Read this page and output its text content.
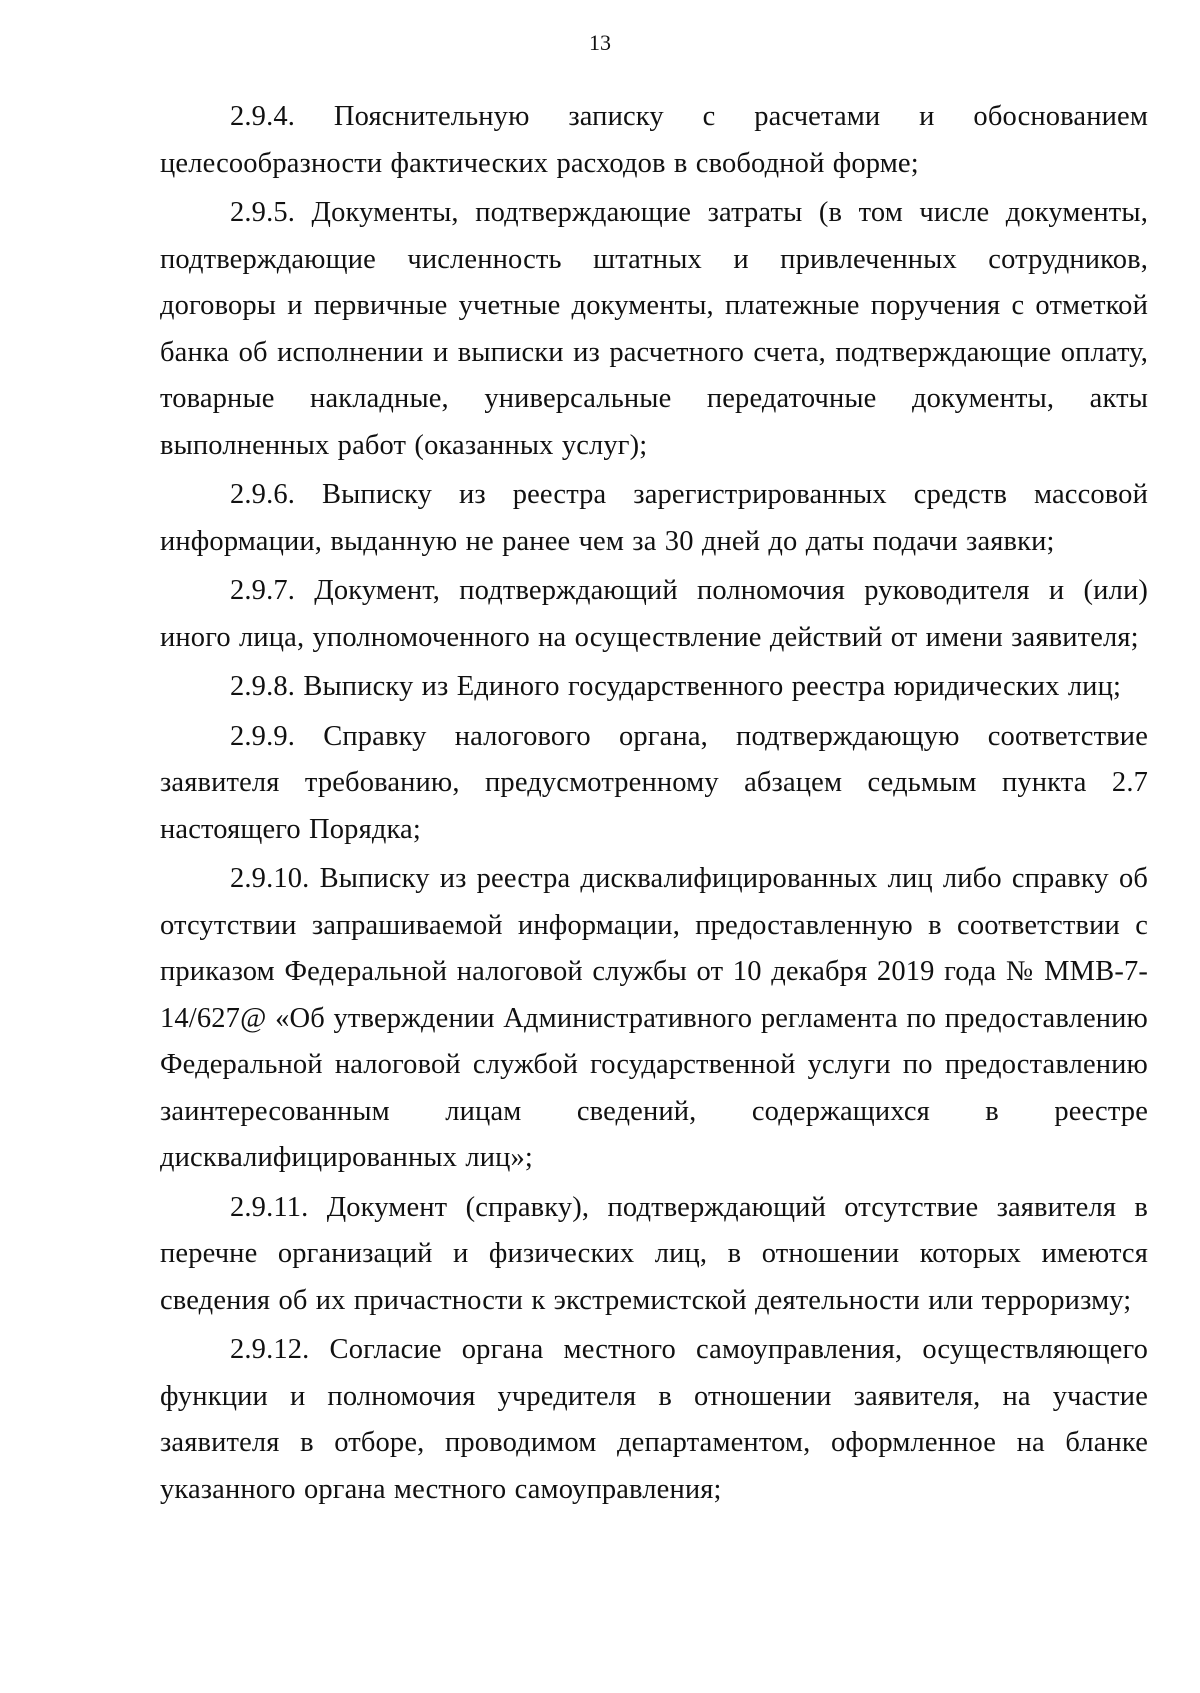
13

2.9.4. Пояснительную записку с расчетами и обоснованием целесообразности фактических расходов в свободной форме;

2.9.5. Документы, подтверждающие затраты (в том числе документы, подтверждающие численность штатных и привлеченных сотрудников, договоры и первичные учетные документы, платежные поручения с отметкой банка об исполнении и выписки из расчетного счета, подтверждающие оплату, товарные накладные, универсальные передаточные документы, акты выполненных работ (оказанных услуг);

2.9.6. Выписку из реестра зарегистрированных средств массовой информации, выданную не ранее чем за 30 дней до даты подачи заявки;

2.9.7. Документ, подтверждающий полномочия руководителя и (или) иного лица, уполномоченного на осуществление действий от имени заявителя;

2.9.8. Выписку из Единого государственного реестра юридических лиц;

2.9.9. Справку налогового органа, подтверждающую соответствие заявителя требованию, предусмотренному абзацем седьмым пункта 2.7 настоящего Порядка;

2.9.10. Выписку из реестра дисквалифицированных лиц либо справку об отсутствии запрашиваемой информации, предоставленную в соответствии с приказом Федеральной налоговой службы от 10 декабря 2019 года № ММВ-7-14/627@ «Об утверждении Административного регламента по предоставлению Федеральной налоговой службой государственной услуги по предоставлению заинтересованным лицам сведений, содержащихся в реестре дисквалифицированных лиц»;

2.9.11. Документ (справку), подтверждающий отсутствие заявителя в перечне организаций и физических лиц, в отношении которых имеются сведения об их причастности к экстремистской деятельности или терроризму;

2.9.12. Согласие органа местного самоуправления, осуществляющего функции и полномочия учредителя в отношении заявителя, на участие заявителя в отборе, проводимом департаментом, оформленное на бланке указанного органа местного самоуправления;
